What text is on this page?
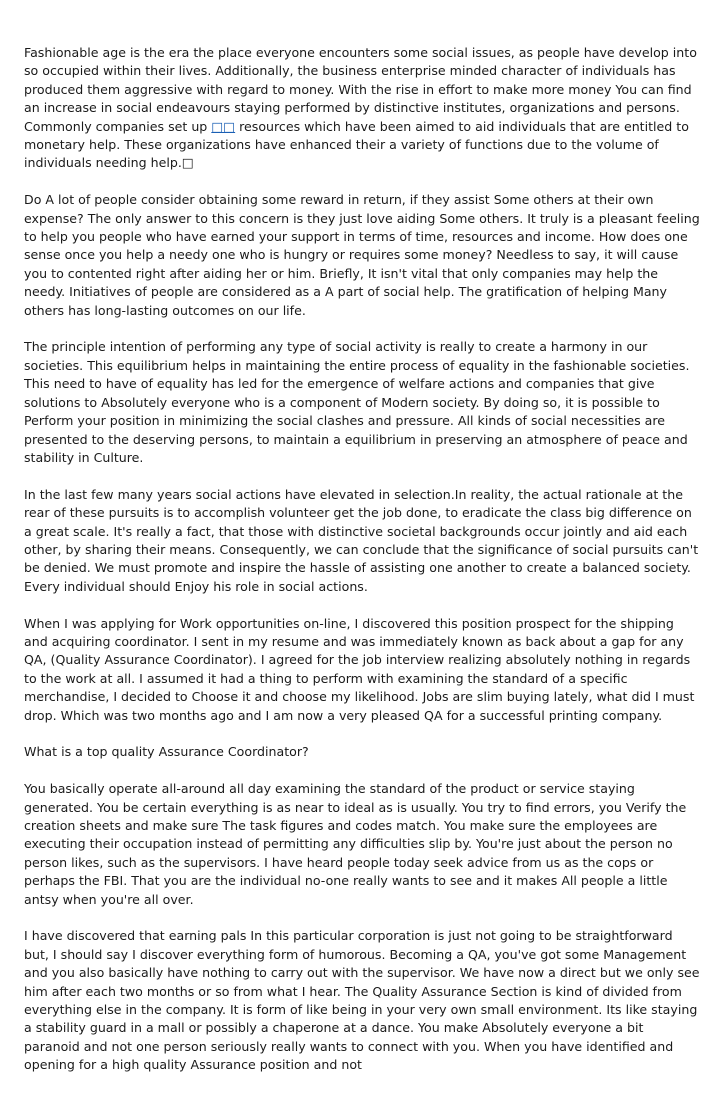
Fashionable age is the era the place everyone encounters some social issues, as people have develop into so occupied within their lives. Additionally, the business enterprise minded character of individuals has produced them aggressive with regard to money. With the rise in effort to make more money You can find an increase in social endeavours staying performed by distinctive institutes, organizations and persons. Commonly companies set up □□ resources which have been aimed to aid individuals that are entitled to monetary help. These organizations have enhanced their a variety of functions due to the volume of individuals needing help.□

Do A lot of people consider obtaining some reward in return, if they assist Some others at their own expense? The only answer to this concern is they just love aiding Some others. It truly is a pleasant feeling to help you people who have earned your support in terms of time, resources and income. How does one sense once you help a needy one who is hungry or requires some money? Needless to say, it will cause you to contented right after aiding her or him. Briefly, It isn't vital that only companies may help the needy. Initiatives of people are considered as a A part of social help. The gratification of helping Many others has long-lasting outcomes on our life.

The principle intention of performing any type of social activity is really to create a harmony in our societies. This equilibrium helps in maintaining the entire process of equality in the fashionable societies. This need to have of equality has led for the emergence of welfare actions and companies that give solutions to Absolutely everyone who is a component of Modern society. By doing so, it is possible to Perform your position in minimizing the social clashes and pressure. All kinds of social necessities are presented to the deserving persons, to maintain a equilibrium in preserving an atmosphere of peace and stability in Culture.

In the last few many years social actions have elevated in selection.In reality, the actual rationale at the rear of these pursuits is to accomplish volunteer get the job done, to eradicate the class big difference on a great scale. It's really a fact, that those with distinctive societal backgrounds occur jointly and aid each other, by sharing their means. Consequently, we can conclude that the significance of social pursuits can't be denied. We must promote and inspire the hassle of assisting one another to create a balanced society. Every individual should Enjoy his role in social actions.

When I was applying for Work opportunities on-line, I discovered this position prospect for the shipping and acquiring coordinator. I sent in my resume and was immediately known as back about a gap for any QA, (Quality Assurance Coordinator). I agreed for the job interview realizing absolutely nothing in regards to the work at all. I assumed it had a thing to perform with examining the standard of a specific merchandise, I decided to Choose it and choose my likelihood. Jobs are slim buying lately, what did I must drop. Which was two months ago and I am now a very pleased QA for a successful printing company.

What is a top quality Assurance Coordinator?

You basically operate all-around all day examining the standard of the product or service staying generated. You be certain everything is as near to ideal as is usually. You try to find errors, you Verify the creation sheets and make sure The task figures and codes match. You make sure the employees are executing their occupation instead of permitting any difficulties slip by. You're just about the person no person likes, such as the supervisors. I have heard people today seek advice from us as the cops or perhaps the FBI. That you are the individual no-one really wants to see and it makes All people a little antsy when you're all over.

I have discovered that earning pals In this particular corporation is just not going to be straightforward but, I should say I discover everything form of humorous. Becoming a QA, you've got some Management and you also basically have nothing to carry out with the supervisor. We have now a direct but we only see him after each two months or so from what I hear. The Quality Assurance Section is kind of divided from everything else in the company. It is form of like being in your very own small environment. Its like staying a stability guard in a mall or possibly a chaperone at a dance. You make Absolutely everyone a bit paranoid and not one person seriously really wants to connect with you. When you have identified and opening for a high quality Assurance position and not
